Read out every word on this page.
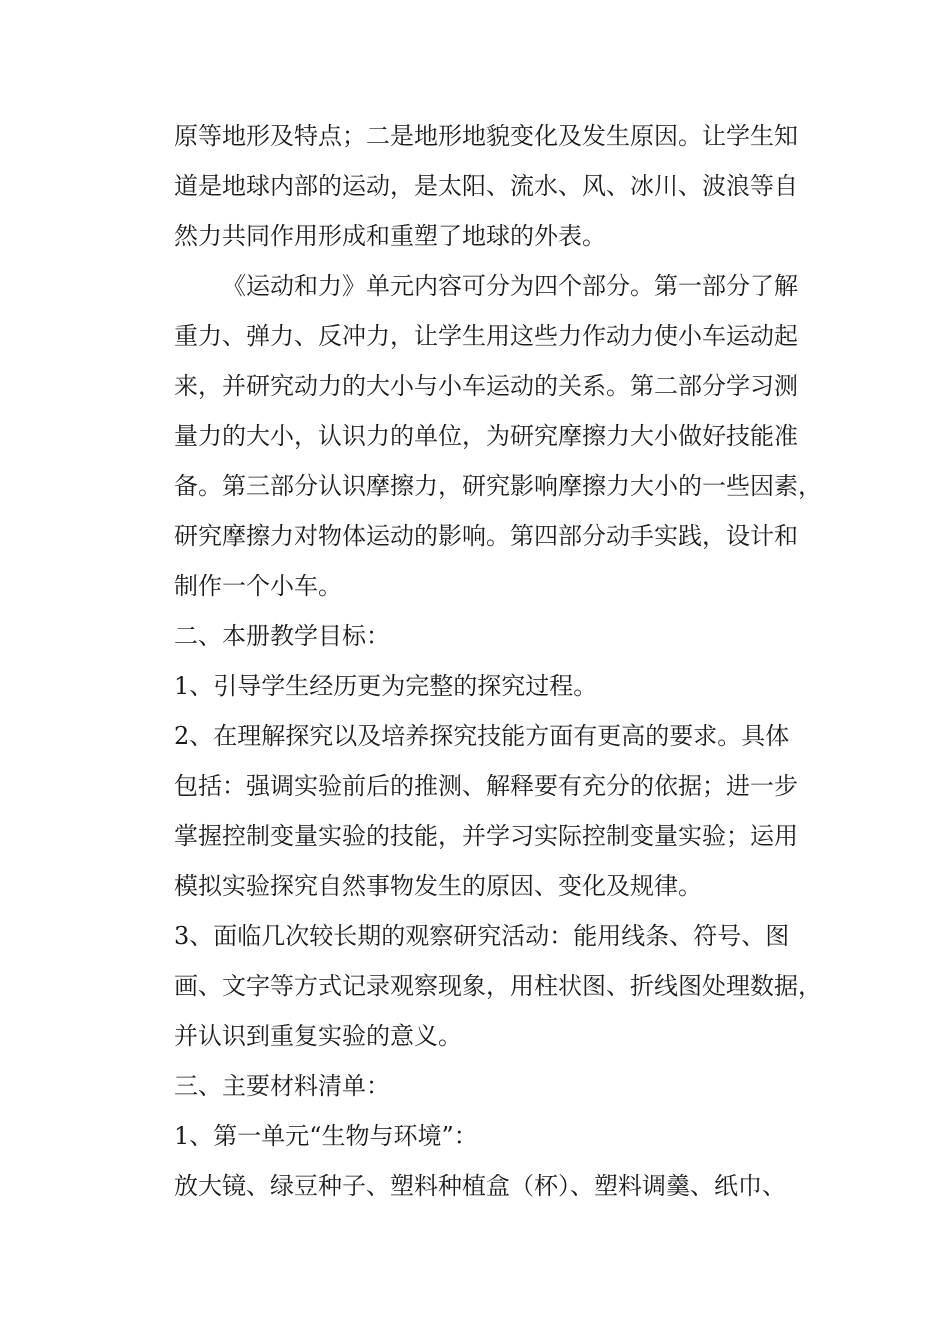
原等地形及特点；二是地形地貌变化及发生原因。让学生知
道是地球内部的运动，是太阳、流水、风、冰川、波浪等自
然力共同作用形成和重塑了地球的外表。
《运动和力》单元内容可分为四个部分。第一部分了解
重力、弹力、反冲力，让学生用这些力作动力使小车运动起
来，并研究动力的大小与小车运动的关系。第二部分学习测
量力的大小，认识力的单位，为研究摩擦力大小做好技能准
备。第三部分认识摩擦力，研究影响摩擦力大小的一些因素，
研究摩擦力对物体运动的影响。第四部分动手实践，设计和
制作一个小车。
二、本册教学目标：
1、引导学生经历更为完整的探究过程。
2、在理解探究以及培养探究技能方面有更高的要求。具体
包括：强调实验前后的推测、解释要有充分的依据；进一步
掌握控制变量实验的技能，并学习实际控制变量实验；运用
模拟实验探究自然事物发生的原因、变化及规律。
3、面临几次较长期的观察研究活动：能用线条、符号、图
画、文字等方式记录观察现象，用柱状图、折线图处理数据，
并认识到重复实验的意义。
三、主要材料清单：
1、第一单元“生物与环境”：
放大镜、绿豆种子、塑料种植盒（杯）、塑料调羹、纸巾、
